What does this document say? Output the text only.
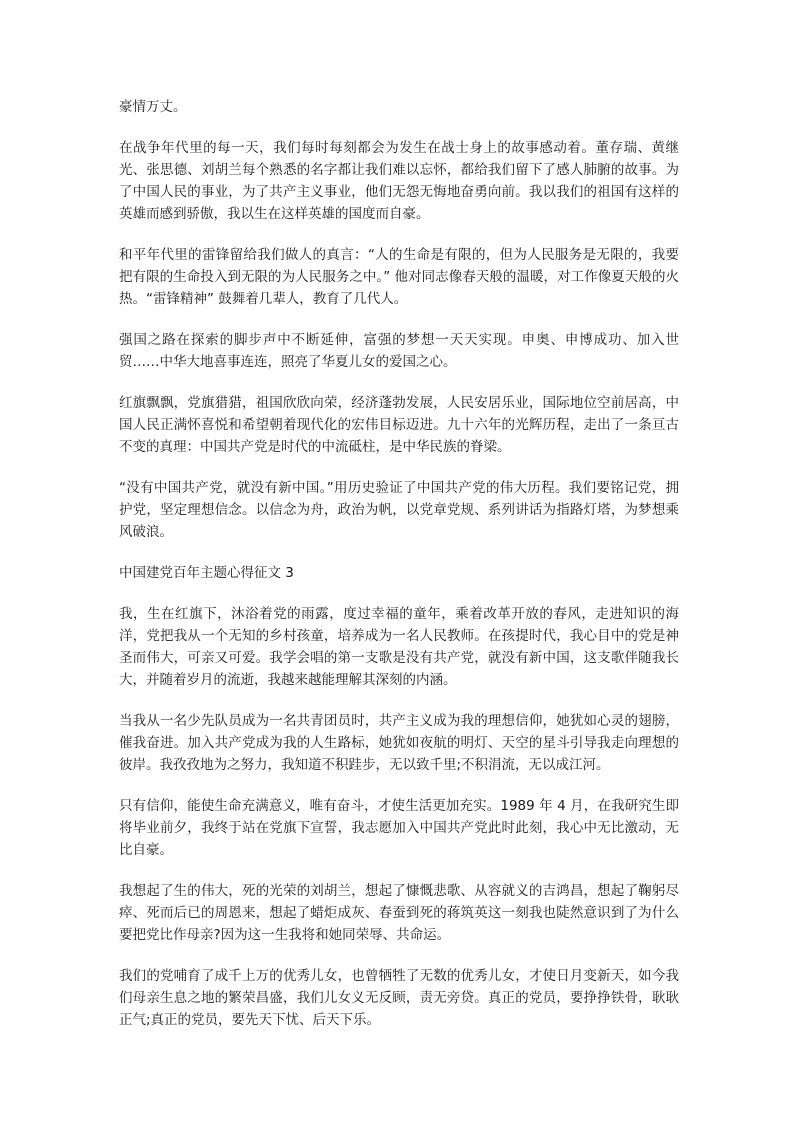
豪情万丈。

在战争年代里的每一天，我们每时每刻都会为发生在战士身上的故事感动着。董存瑞、黄继光、张思德、刘胡兰每个熟悉的名字都让我们难以忘怀，都给我们留下了感人肺腑的故事。为了中国人民的事业，为了共产主义事业，他们无怨无悔地奋勇向前。我以我们的祖国有这样的英雄而感到骄傲，我以生在这样英雄的国度而自豪。

和平年代里的雷锋留给我们做人的真言：“人的生命是有限的，但为人民服务是无限的，我要把有限的生命投入到无限的为人民服务之中。” 他对同志像春天般的温暖，对工作像夏天般的火热。“雷锋精神” 鼓舞着几辈人，教育了几代人。

强国之路在探索的脚步声中不断延伸，富强的梦想一天天实现。申奥、申博成功、加入世贸……中华大地喜事连连，照亮了华夏儿女的爱国之心。

红旗飘飘，党旗猎猎，祖国欣欣向荣，经济蓬勃发展，人民安居乐业，国际地位空前居高，中国人民正满怀喜悦和希望朝着现代化的宏伟目标迈进。九十六年的光辉历程，走出了一条亘古不变的真理：中国共产党是时代的中流砥柱，是中华民族的脊梁。

“没有中国共产党，就没有新中国。”用历史验证了中国共产党的伟大历程。我们要铭记党，拥护党，坚定理想信念。以信念为舟，政治为帆，以党章党规、系列讲话为指路灯塔，为梦想乘风破浪。

中国建党百年主题心得征文 3

我，生在红旗下，沐浴着党的雨露，度过幸福的童年，乘着改革开放的春风，走进知识的海洋，党把我从一个无知的乡村孩童，培养成为一名人民教师。在孩提时代，我心目中的党是神圣而伟大，可亲又可爱。我学会唱的第一支歌是没有共产党，就没有新中国，这支歌伴随我长大，并随着岁月的流逝，我越来越能理解其深刻的内涵。

当我从一名少先队员成为一名共青团员时，共产主义成为我的理想信仰，她犹如心灵的翅膀，催我奋进。加入共产党成为我的人生路标，她犹如夜航的明灯、天空的星斗引导我走向理想的彼岸。我孜孜地为之努力，我知道不积跬步，无以致千里;不积涓流，无以成江河。

只有信仰，能使生命充满意义，唯有奋斗，才使生活更加充实。1989 年 4 月，在我研究生即将毕业前夕，我终于站在党旗下宣誓，我志愿加入中国共产党此时此刻，我心中无比激动，无比自豪。

我想起了生的伟大，死的光荣的刘胡兰，想起了慷慨悲歌、从容就义的吉鸿昌，想起了鞠躬尽瘁、死而后已的周恩来，想起了蜡炬成灰、春蚕到死的蒋筑英这一刻我也陡然意识到了为什么要把党比作母亲?因为这一生我将和她同荣辱、共命运。

我们的党哺育了成千上万的优秀儿女，也曾牺牲了无数的优秀儿女，才使日月变新天，如今我们母亲生息之地的繁荣昌盛，我们儿女义无反顾，责无旁贷。真正的党员，要挣挣铁骨，耿耿正气;真正的党员，要先天下忧、后天下乐。
